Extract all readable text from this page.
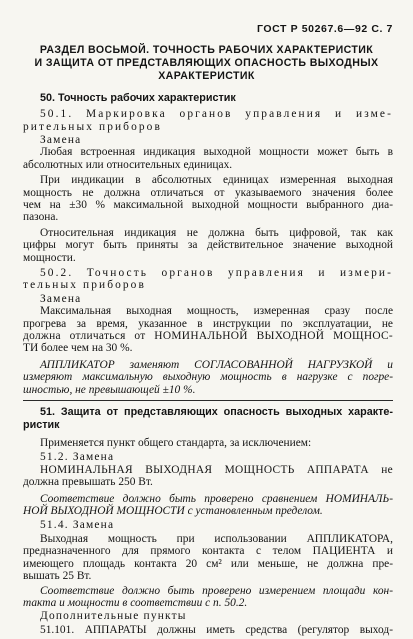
ГОСТ Р 50267.6—92 С. 7
РАЗДЕЛ ВОСЬМОЙ. ТОЧНОСТЬ РАБОЧИХ ХАРАКТЕРИСТИК
И ЗАЩИТА ОТ ПРЕДСТАВЛЯЮЩИХ ОПАСНОСТЬ ВЫХОДНЫХ
ХАРАКТЕРИСТИК
50. Точность рабочих характеристик
50.1. Маркировка органов управления и изме-
рительных приборов
Замена
Любая встроенная индикация выходной мощности может быть в
абсолютных или относительных единицах.
При индикации в абсолютных единицах измеренная выходная
мощность не должна отличаться от указываемого значения более
чем на ±30 % максимальной выходной мощности выбранного диа-
пазона.
Относительная индикация не должна быть цифровой, так как
цифры могут быть приняты за действительное значение выходной
мощности.
50.2. Точность органов управления и измери-
тельных приборов
Замена
Максимальная выходная мощность, измеренная сразу после
прогрева за время, указанное в инструкции по эксплуатации, не
должна отличаться от НОМИНАЛЬНОЙ ВЫХОДНОЙ МОЩНОС-
ТИ более чем на 30 %.
АППЛИКАТОР заменяют СОГЛАСОВАННОЙ НАГРУЗКОЙ и
измеряют максимальную выходную мощность в нагрузке с погре-
шностью, не превышающей ±10 %.
51. Защита от представляющих опасность выходных характе-
ристик
Применяется пункт общего стандарта, за исключением:
51.2. Замена
НОМИНАЛЬНАЯ ВЫХОДНАЯ МОЩНОСТЬ АППАРАТА не
должна превышать 250 Вт.
Соответствие должно быть проверено сравнением НОМИНАЛЬ-
НОЙ ВЫХОДНОЙ МОЩНОСТИ с установленным пределом.
51.4. Замена
Выходная мощность при использовании АППЛИКАТОРА,
предназначенного для прямого контакта с телом ПАЦИЕНТА и
имеющего площадь контакта 20 см² или меньше, не должна пре-
вышать 25 Вт.
Соответствие должно быть проверено измерением площади кон-
такта и мощности в соответствии с п. 50.2.
Дополнительные пункты
51.101. АППАРАТЫ должны иметь средства (регулятор выход-
